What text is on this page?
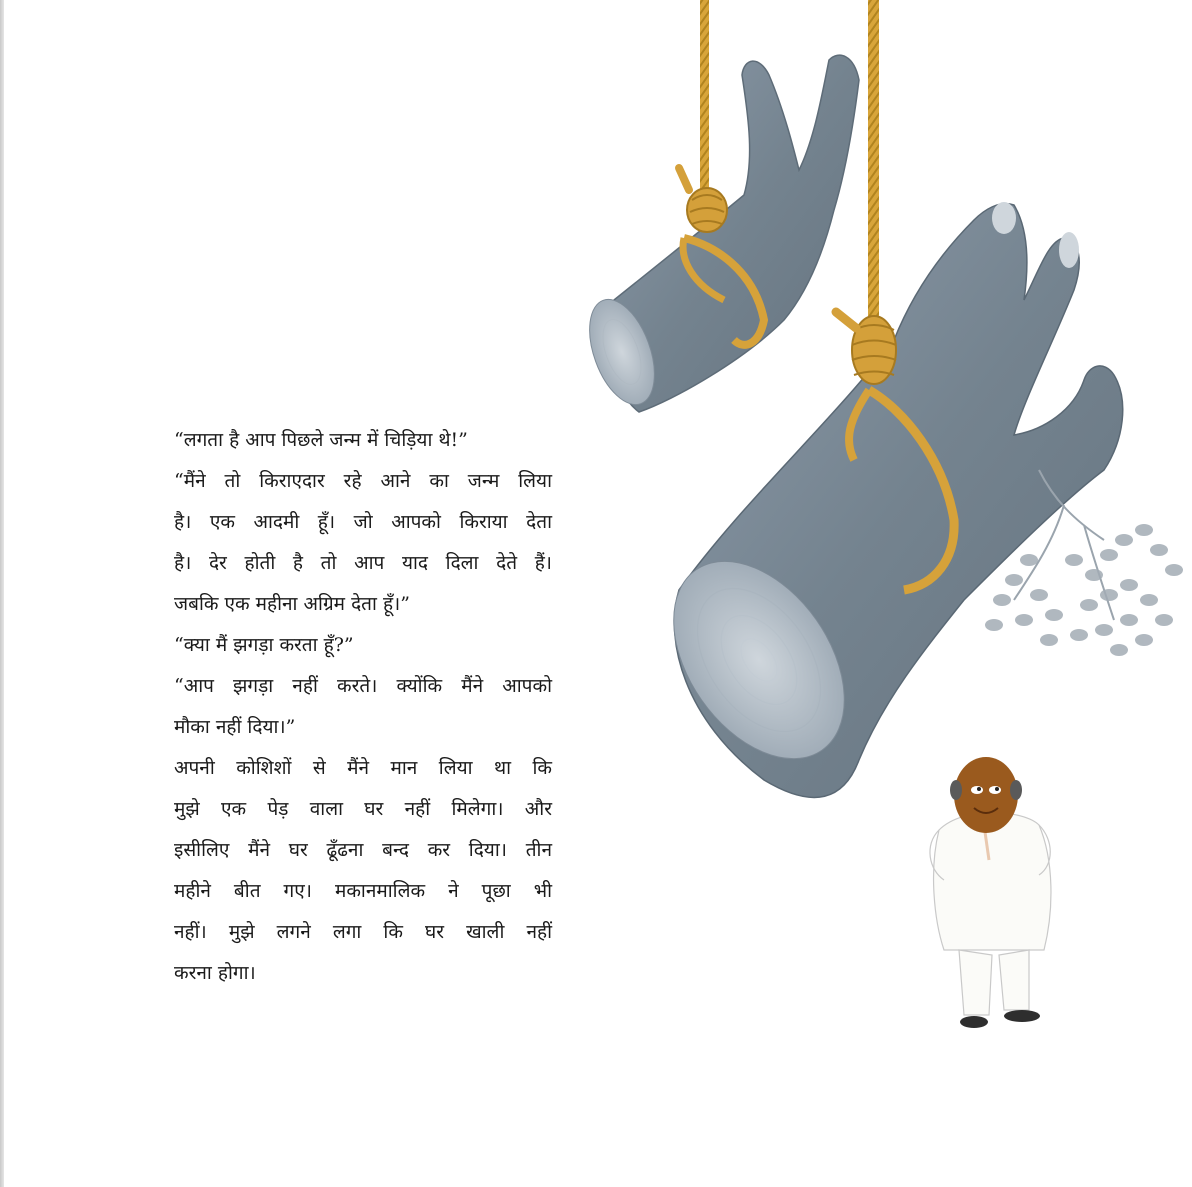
“लगता है आप पिछले जन्म में चिड़िया थे!”
“मैंने तो किराएदार रहे आने का जन्म लिया
है। एक आदमी हूँ। जो आपको किराया देता
है। देर होती है तो आप याद दिला देते हैं।
जबकि एक महीना अग्रिम देता हूँ।”
“क्या मैं झगड़ा करता हूँ?”
“आप झगड़ा नहीं करते। क्योंकि मैंने आपको
मौका नहीं दिया।”
अपनी कोशिशों से मैंने मान लिया था कि
मुझे एक पेड़ वाला घर नहीं मिलेगा। और
इसीलिए मैंने घर ढूँढना बन्द कर दिया। तीन
महीने बीत गए। मकानमालिक ने पूछा भी
नहीं। मुझे लगने लगा कि घर खाली नहीं
करना होगा।
